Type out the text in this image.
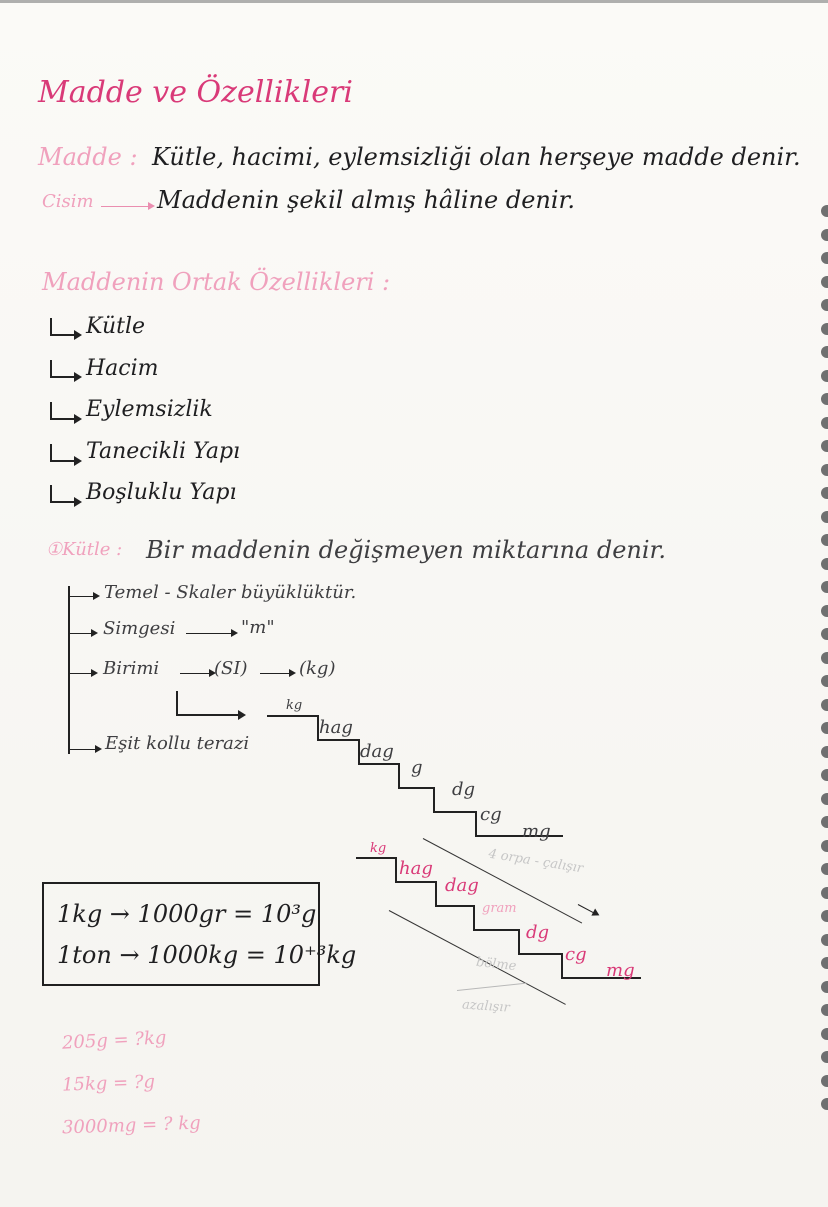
Madde ve Özellikleri
Madde : Kütle, hacimi, eylemsizliği olan herşeye madde denir.
Cisim	Maddenin şekil almış hâline denir.
Maddenin Ortak Özellikleri :
Kütle
Hacim
Eylemsizlik
Tanecikli Yapı
Boşluklu Yapı
①Kütle : Bir maddenin değişmeyen miktarına denir.
Temel - Skaler büyüklüktür.
Simgesi	"m"
Birimi	(SI)	(kg)
Eşit kollu terazi
kg
hag
dag
g
dg
cg
mg
kg
hag
dag
gram
dg
cg
mg
4 orpa - çalışır
bölme
azalışır
1kg → 1000gr = 10³g
1ton → 1000kg = 10⁺³kg
205g = ?kg
15kg = ?g
3000mg = ? kg
